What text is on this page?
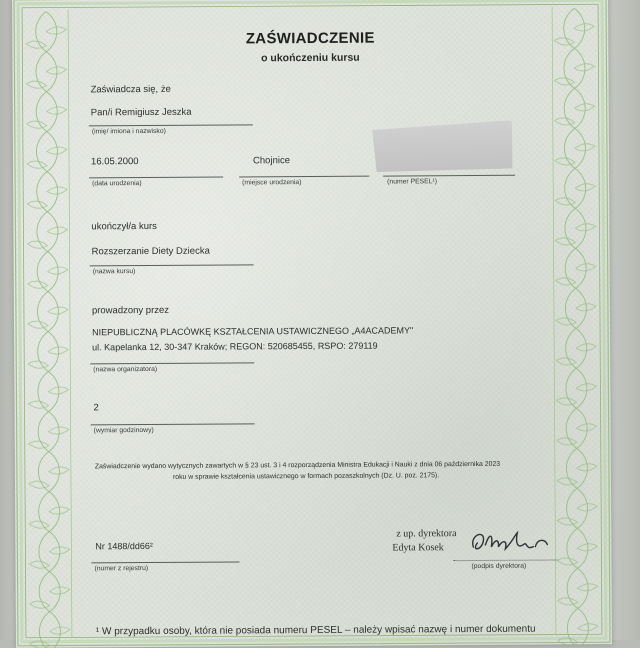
ZAŚWIADCZENIE
o ukończeniu kursu
Zaświadcza się, że
Pan/i Remigiusz Jeszka
(imię/ imiona i nazwisko)
16.05.2000
(data urodzenia)
Chojnice
(miejsce urodzenia)	(numer PESEL¹)
ukończył/a kurs
Rozszerzanie Diety Dziecka
(nazwa kursu)
prowadzony przez
NIEPUBLICZNĄ PLACÓWKĘ KSZTAŁCENIA USTAWICZNEGO „A4ACADEMY"
ul. Kapelanka 12, 30-347 Kraków; REGON: 520685455, RSPO: 279119
(nazwa organizatora)
2
(wymiar godzinowy)
Zaświadczenie wydano wytycznych zawartych w § 23 ust. 3 i 4 rozporządzenia Ministra Edukacji i Nauki z dnia 06 października 2023
roku w sprawie kształcenia ustawicznego w formach pozaszkolnych (Dz. U. poz. 2175).
z up. dyrektora
Edyta Kosek
(podpis dyrektora)
Nr 1488/dd66²
(numer z rejestru)
¹ W przypadku osoby, która nie posiada numeru PESEL – należy wpisać nazwę i numer dokumentu
